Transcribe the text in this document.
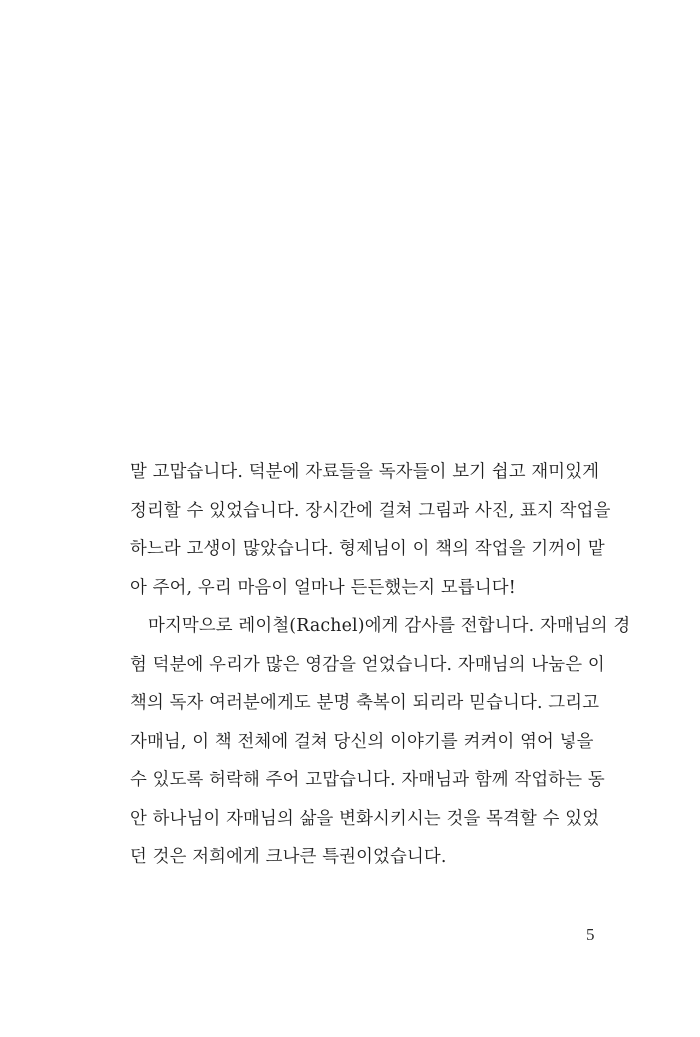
말 고맙습니다. 덕분에 자료들을 독자들이 보기 쉽고 재미있게
정리할 수 있었습니다. 장시간에 걸쳐 그림과 사진, 표지 작업을
하느라 고생이 많았습니다. 형제님이 이 책의 작업을 기꺼이 맡
아 주어, 우리 마음이 얼마나 든든했는지 모릅니다!
마지막으로 레이철(Rachel)에게 감사를 전합니다. 자매님의 경
험 덕분에 우리가 많은 영감을 얻었습니다. 자매님의 나눔은 이
책의 독자 여러분에게도 분명 축복이 되리라 믿습니다. 그리고
자매님, 이 책 전체에 걸쳐 당신의 이야기를 켜켜이 엮어 넣을
수 있도록 허락해 주어 고맙습니다. 자매님과 함께 작업하는 동
안 하나님이 자매님의 삶을 변화시키시는 것을 목격할 수 있었
던 것은 저희에게 크나큰 특권이었습니다.
5
